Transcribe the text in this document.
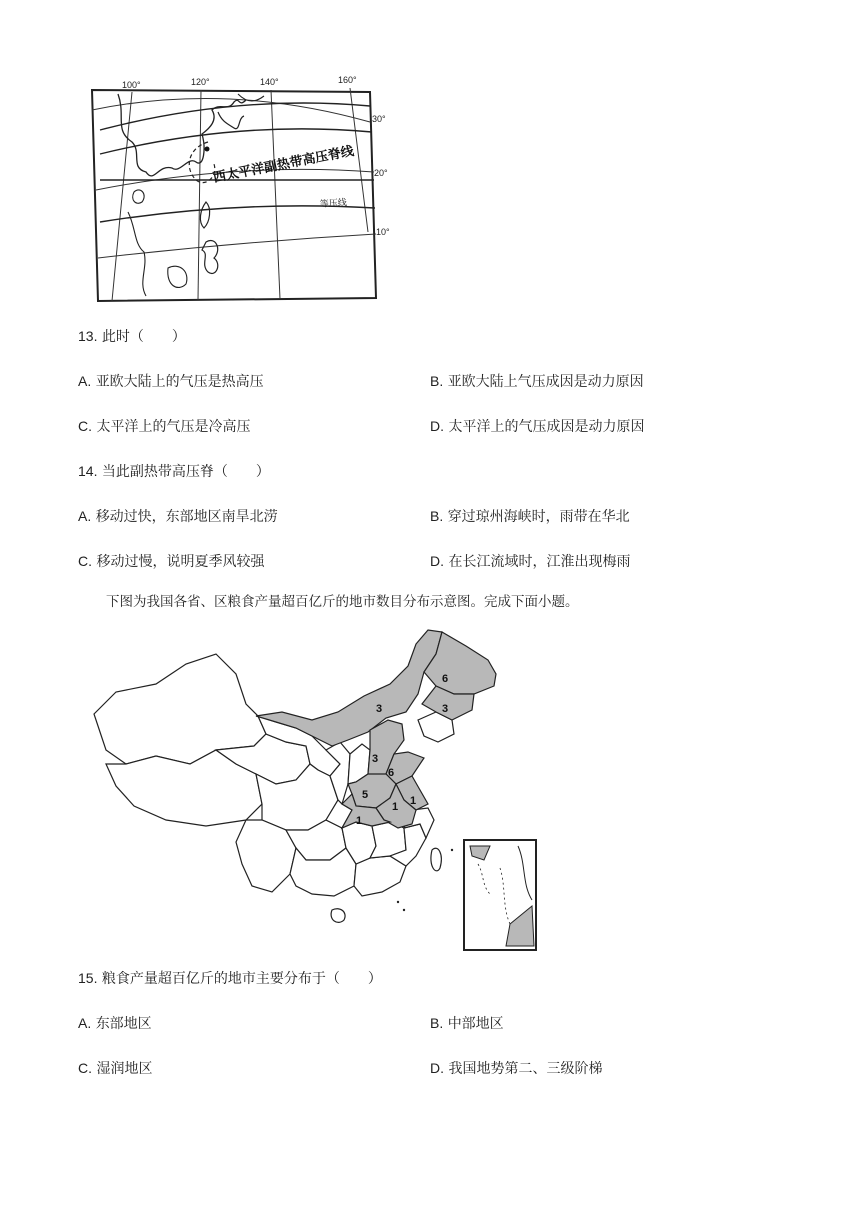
100°	120°	140°	160°
30°
20°
10°
西太平洋副热带高压脊线
等压线
13. 此时（　　）
A. 亚欧大陆上的气压是热高压	B. 亚欧大陆上气压成因是动力原因
C. 太平洋上的气压是冷高压	D. 太平洋上的气压成因是动力原因
14. 当此副热带高压脊（　　）
A. 移动过快，东部地区南旱北涝	B. 穿过琼州海峡时，雨带在华北
C. 移动过慢，说明夏季风较强	D. 在长江流域时，江淮出现梅雨
下图为我国各省、区粮食产量超百亿斤的地市数目分布示意图。完成下面小题。
6
3	3
3
6
5
1 1
1
15. 粮食产量超百亿斤的地市主要分布于（　　）
A. 东部地区	B. 中部地区
C. 湿润地区	D. 我国地势第二、三级阶梯
